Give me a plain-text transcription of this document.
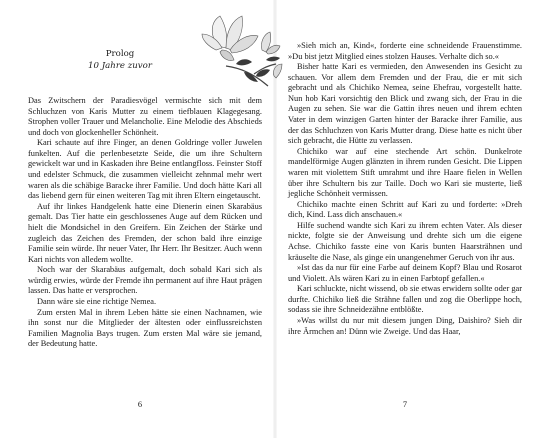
Prolog
10 Jahre zuvor

Das Zwitschern der Paradiesvögel vermischte sich mit dem Schluchzen von Karis Mutter zu einem tiefblauen Klagegesang. Strophen voller Trauer und Melancholie. Eine Melodie des Abschieds und doch von glockenheller Schönheit.

Kari schaute auf ihre Finger, an denen Goldringe voller Juwelen funkelten. Auf die perlenbesetzte Seide, die um ihre Schultern gewickelt war und in Kaskaden ihre Beine entlangfloss. Feinster Stoff und edelster Schmuck, die zusammen vielleicht zehnmal mehr wert waren als die schäbige Baracke ihrer Familie. Und doch hätte Kari all das liebend gern für einen weiteren Tag mit ihren Eltern eingetauscht.

Auf ihr linkes Handgelenk hatte eine Dienerin einen Skarabäus gemalt. Das Tier hatte ein geschlossenes Auge auf dem Rücken und hielt die Mondsichel in den Greifern. Ein Zeichen der Stärke und zugleich das Zeichen des Fremden, der schon bald ihre einzige Familie sein würde. Ihr neuer Vater, Ihr Herr. Ihr Besitzer. Auch wenn Kari nichts von alledem wollte.

Noch war der Skarabäus aufgemalt, doch sobald Kari sich als würdig erwies, würde der Fremde ihn permanent auf ihre Haut prägen lassen. Das hatte er versprochen.

Dann wäre sie eine richtige Nemea.

Zum ersten Mal in ihrem Leben hätte sie einen Nachnamen, wie ihn sonst nur die Mitglieder der ältesten oder einflussreichsten Familien Magnolia Bays trugen. Zum ersten Mal wäre sie jemand, der Bedeutung hatte.

6

»Sieh mich an, Kind«, forderte eine schneidende Frauenstimme. »Du bist jetzt Mitglied eines stolzen Hauses. Verhalte dich so.«

Bisher hatte Kari es vermieden, den Anwesenden ins Gesicht zu schauen. Vor allem dem Fremden und der Frau, die er mit sich gebracht und als Chichiko Nemea, seine Ehefrau, vorgestellt hatte. Nun hob Kari vorsichtig den Blick und zwang sich, der Frau in die Augen zu sehen. Sie war die Gattin ihres neuen und ihrem echten Vater in dem winzigen Garten hinter der Baracke ihrer Familie, aus der das Schluchzen von Karis Mutter drang. Diese hatte es nicht über sich gebracht, die Hütte zu verlassen.

Chichiko war auf eine stechende Art schön. Dunkelrote mandelförmige Augen glänzten in ihrem runden Gesicht. Die Lippen waren mit violettem Stift umrahmt und ihre Haare fielen in Wellen über ihre Schultern bis zur Taille. Doch wo Kari sie musterte, ließ jegliche Schönheit vermissen.

Chichiko machte einen Schritt auf Kari zu und forderte: »Dreh dich, Kind. Lass dich anschauen.«

Hilfe suchend wandte sich Kari zu ihrem echten Vater. Als dieser nickte, folgte sie der Anweisung und drehte sich um die eigene Achse. Chichiko fasste eine von Karis bunten Haarsträhnen und kräuselte die Nase, als ginge ein unangenehmer Geruch von ihr aus.

»Ist das da nur für eine Farbe auf deinem Kopf? Blau und Rosarot und Violett. Als wären Kari zu in einen Farbtopf gefallen.«

Kari schluckte, nicht wissend, ob sie etwas erwidern sollte oder gar durfte. Chichiko ließ die Strähne fallen und zog die Oberlippe hoch, sodass sie ihre Schneidezähne entblößte.

»Was willst du nur mit diesem jungen Ding, Daishiro? Sieh dir ihre Ärmchen an! Dünn wie Zweige. Und das Haar,

7
